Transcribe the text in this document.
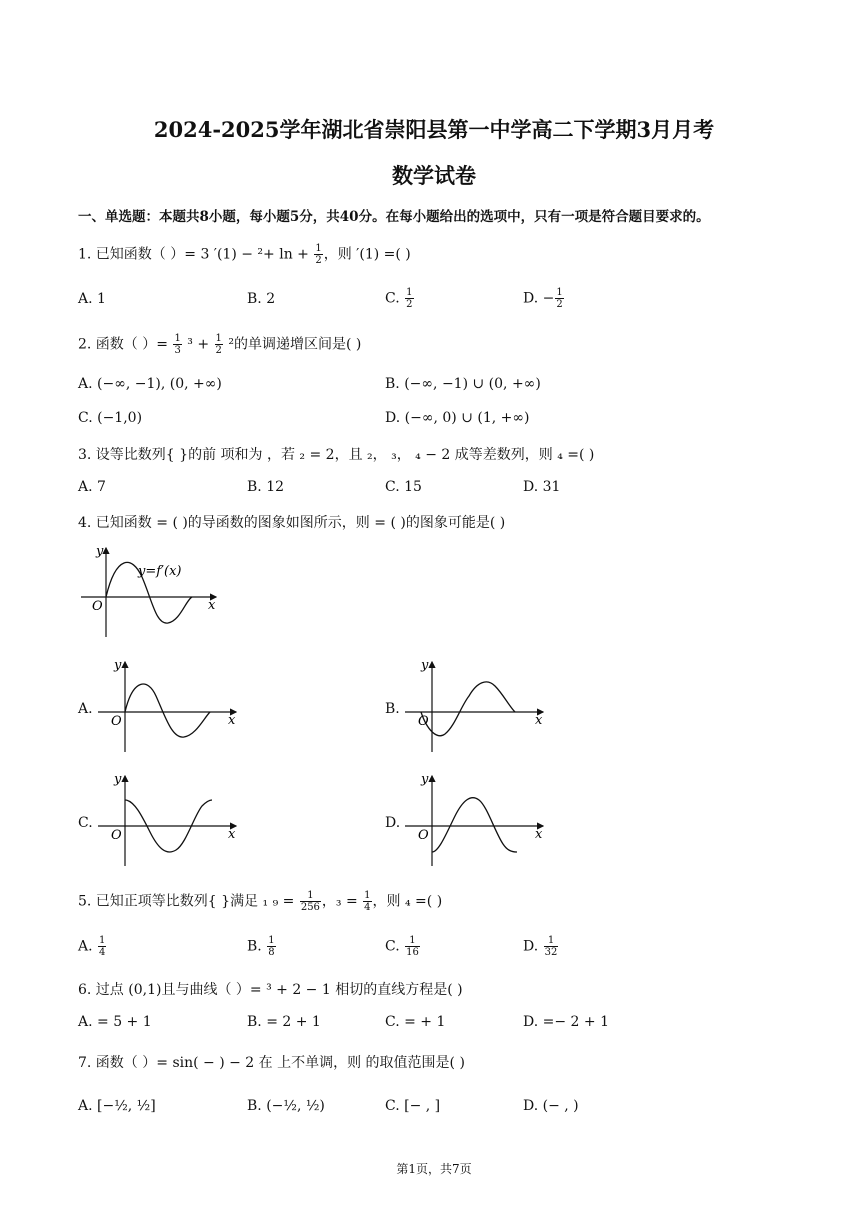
2024-2025学年湖北省崇阳县第一中学高二下学期3月月考
数学试卷
一、单选题：本题共8小题，每小题5分，共40分。在每小题给出的选项中，只有一项是符合题目要求的。
1. 已知函数（ ）= 3 $'(1) - ^2+ \ln + \frac{1}{2}$ ，则 ′(1) =( )
A. 1	B. 2	C. $\frac{1}{2}$	D. − $\frac{1}{2}$
2. 函数（ ）= $\frac{1}{3} ^3 + \frac{1}{2} ^2$的单调递增区间是( )
A. (−∞, −1), (0, +∞)	B. (−∞, −1) ∪ (0, +∞)
C. (−1,0)	D. (−∞, 0) ∪ (1, +∞)
3. 设等比数列{ }的前 项和为 ，若 ₂ = 2，且 ₂， ₃， ₄ − 2 成等差数列，则 ₄ =( )
A. 7	B. 12	C. 15	D. 31
4. 已知函数 = ( )的导函数的图象如图所示，则 = ( )的图象可能是( )
y
y=f′(x)
O	x
A.
y
O	x
B.
y
O	x
C.
y
O	x
D.
y
O	x
5. 已知正项等比数列{ }满足 ₁ $_9 = \frac{1}{256}$ ，$_3 = \frac{1}{4}$ ，则 ₄ =( )
A. $\frac{1}{4}$	B. $\frac{1}{8}$	C. $\frac{1}{16}$	D. $\frac{1}{32}$
6. 过点 (0,1)且与曲线（ ）= ³ + 2 − 1 相切的直线方程是( )
A. = 5 + 1	B. = 2 + 1	C. = + 1	D. =− 2 + 1
7. 函数（ ）= sin( − ) − 2 在 上不单调，则 的取值范围是( )
A. [−½, ½]	B. (−½, ½)	C. [− , ]	D. (− , )
第1页，共7页
